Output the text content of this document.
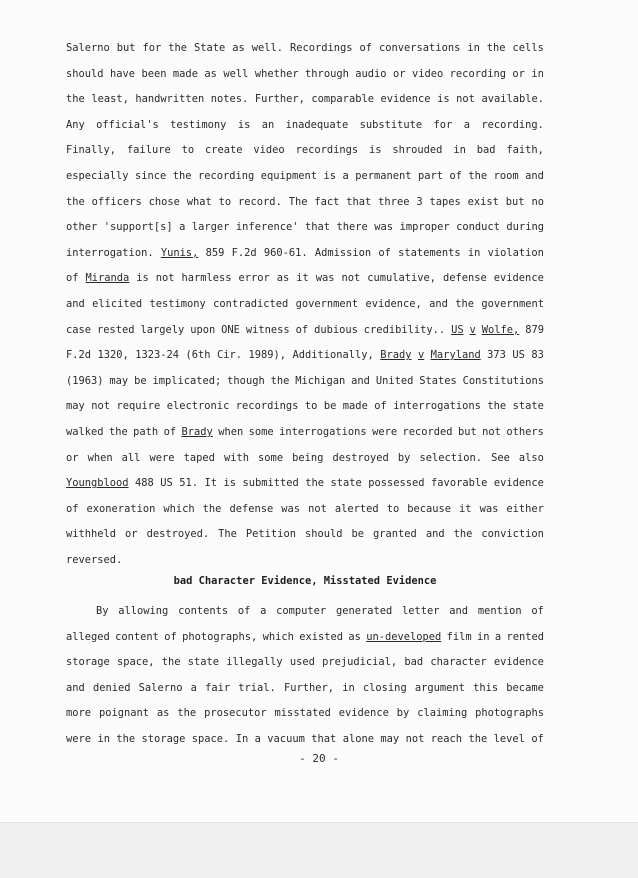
Salerno but for the State as well. Recordings of conversations in the cells
should have been made as well whether through audio or video recording or in
the least, handwritten notes. Further, comparable evidence is not available.
Any official's testimony is an inadequate substitute for a recording.
Finally, failure to create video recordings is shrouded in bad faith,
especially since the recording equipment is a permanent part of the room and
the officers chose what to record. The fact that three 3 tapes exist but no
other 'support[s] a larger inference' that there was improper conduct during
interrogation. Yunis, 859 F.2d 960-61. Admission of statements in violation
of Miranda is not harmless error as it was not cumulative, defense evidence
and elicited testimony contradicted government evidence, and the government
case rested largely upon ONE witness of dubious credibility.. US v Wolfe, 879
F.2d 1320, 1323-24 (6th Cir. 1989), Additionally, Brady v Maryland 373 US 83
(1963) may be implicated; though the Michigan and United States Constitutions
may not require electronic recordings to be made of interrogations the state
walked the path of Brady when some interrogations were recorded but not others
or when all were taped with some being destroyed by selection. See also
Youngblood 488 US 51. It is submitted the state possessed favorable evidence
of exoneration which the defense was not alerted to because it was either
withheld or destroyed. The Petition should be granted and the conviction
reversed.
bad Character Evidence, Misstated Evidence
By allowing contents of a computer generated letter and mention of
alleged content of photographs, which existed as un-developed film in a rented
storage space, the state illegally used prejudicial, bad character evidence
and denied Salerno a fair trial. Further, in closing argument this became
more poignant as the prosecutor misstated evidence by claiming photographs
were in the storage space. In a vacuum that alone may not reach the level of
- 20 -
